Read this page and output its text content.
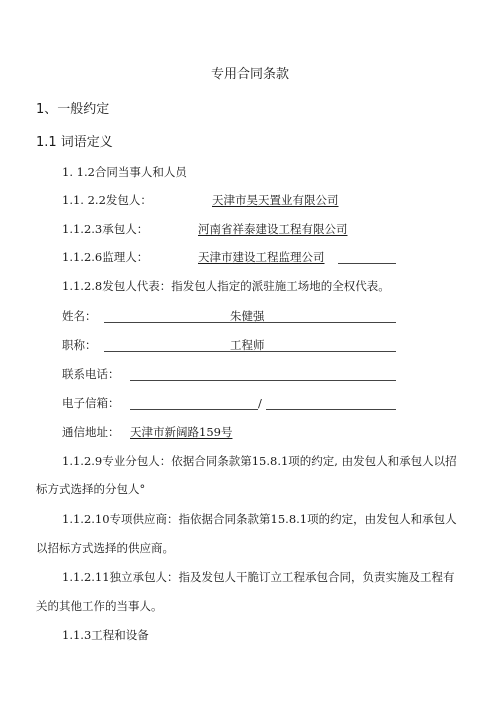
专用合同条款
1、一般约定
1.1 词语定义
1. 1.2合同当事人和人员
1.1. 2.2发包人：	天津市昊天置业有限公司
1.1.2.3承包人：	河南省祥泰建设工程有限公司
1.1.2.6监理人：	天津市建设工程监理公司
1.1.2.8发包人代表：指发包人指定的派驻施工场地的全权代表。
姓名：	朱健强
职称：	工程师
联系电话：
电子信箱：	/
通信地址： 天津市新阔路159号
1.1.2.9专业分包人：依据合同条款第15.8.1项的约定, 由发包人和承包人以招
标方式选择的分包人°
1.1.2.10专项供应商：指依据合同条款第15.8.1项的约定，由发包人和承包人
以招标方式选择的供应商。
1.1.2.11独立承包人：指及发包人干脆订立工程承包合同，负责实施及工程有
关的其他工作的当事人。
1.1.3工程和设备
